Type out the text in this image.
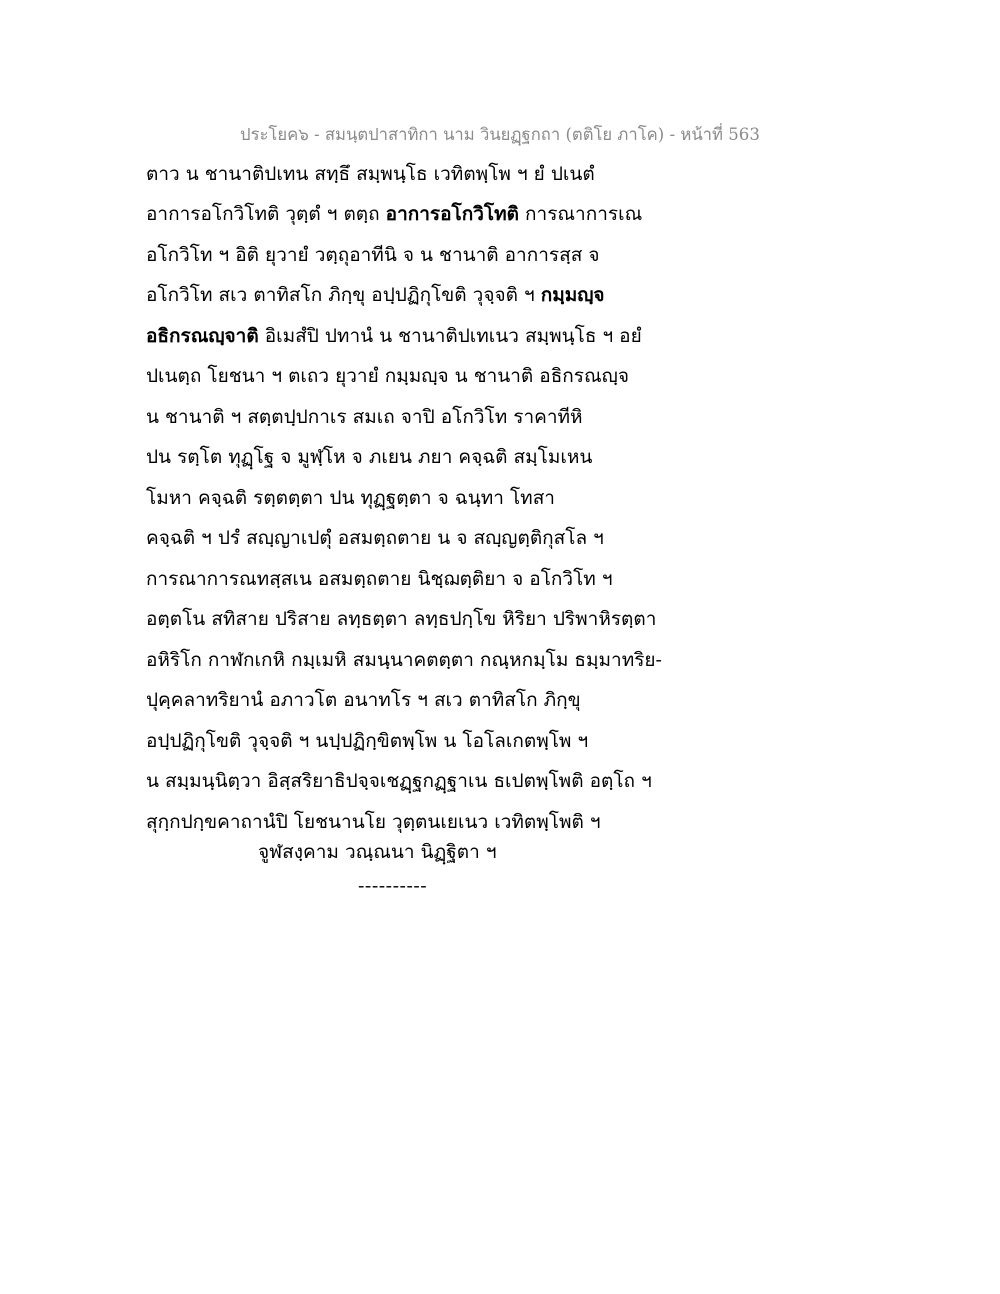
ประโยค๖ - สมนฺตปาสาทิกา นาม วินยฏฺฐกถา (ตติโย ภาโค) - หน้าที่ 563
ตาว น ชานาติปเทน สทฺธึ สมฺพนฺโธ เวทิตพฺโพ ฯ ยํ ปเนตํ
อาการอโกวิโทติ วุตฺตํ ฯ ตตฺถ อาการอโกวิโทติ การณาการเณ
อโกวิโท ฯ อิติ ยุวายํ วตฺถุอาทีนิ จ น ชานาติ อาการสฺส จ
อโกวิโท สเว ตาทิสโก ภิกฺขุ อปฺปฏิกุโขติ วุจฺจติ ฯ กมฺมญฺจ
อธิกรณญฺจาติ อิเมสํปิ ปทานํ น ชานาติปเทเนว สมฺพนฺโธ ฯ อยํ
ปเนตฺถ โยชนา ฯ ตเถว ยุวายํ กมฺมญฺจ น ชานาติ อธิกรณญฺจ
น ชานาติ ฯ สตฺตปฺปกาเร สมเถ จาปิ อโกวิโท ราคาทีหิ
ปน รตฺโต ทุฏฺโฐ จ มูฬฺโห จ ภเยน ภยา คจฺฉติ สมฺโมเหน
โมหา คจฺฉติ รตฺตตฺตา ปน ทุฏฺฐตฺตา จ ฉนฺทา โทสา
คจฺฉติ ฯ ปรํ สญฺญาเปตุํ อสมตฺถตาย น จ สญฺญตฺติกุสโล ฯ
การณาการณทสฺสเน อสมตฺถตาย นิชฺฌตฺติยา จ อโกวิโท ฯ
อตฺตโน สทิสาย ปริสาย ลทฺธตฺตา ลทฺธปกฺโข หิริยา ปริพาหิรตฺตา
อหิริโก กาฬกเกหิ กมฺเมหิ สมนฺนาคตตฺตา กณฺหกมฺโม ธมฺมาทริย-
ปุคฺคลาทริยานํ อภาวโต อนาทโร ฯ สเว ตาทิสโก ภิกฺขุ
อปฺปฏิกุโขติ วุจฺจติ ฯ นปฺปฏิกฺขิตพฺโพ น โอโลเกตพฺโพ ฯ
น สมฺมนฺนิตฺวา อิสฺสริยาธิปจฺจเชฏฺฐกฏฺฐาเน ธเปตพฺโพติ อตฺโถ ฯ
สุกฺกปกฺขคาถานํปิ โยชนานโย วุตฺตนเยเนว เวทิตพฺโพติ ฯ
จูฬสงฺคาม วณฺณนา นิฏฺฐิตา ฯ
----------
